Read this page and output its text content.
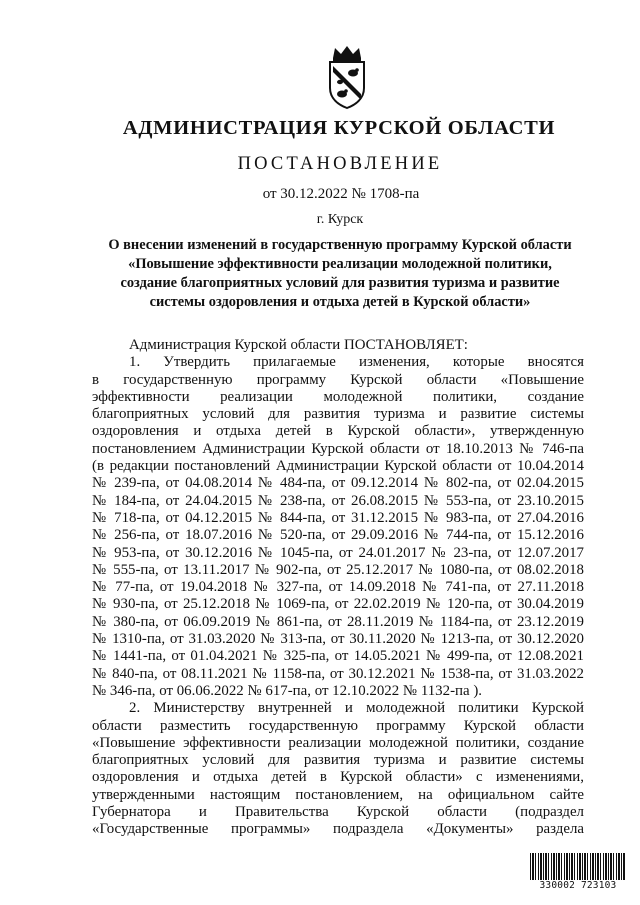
АДМИНИСТРАЦИЯ КУРСКОЙ ОБЛАСТИ
ПОСТАНОВЛЕНИЕ
от 30.12.2022 № 1708-па
г. Курск
О внесении изменений в государственную программу Курской области
«Повышение эффективности реализации молодежной политики,
создание благоприятных условий для развития туризма и развитие
системы оздоровления и отдыха детей в Курской области»
Администрация Курской области ПОСТАНОВЛЯЕТ:
1. Утвердить прилагаемые изменения, которые вносятся
в государственную программу Курской области «Повышение
эффективности реализации молодежной политики, создание
благоприятных условий для развития туризма и развитие системы
оздоровления и отдыха детей в Курской области», утвержденную
постановлением Администрации Курской области от 18.10.2013 № 746-па
(в редакции постановлений Администрации Курской области от 10.04.2014
№ 239-па, от 04.08.2014 № 484-па, от 09.12.2014 № 802-па, от 02.04.2015
№ 184-па, от 24.04.2015 № 238-па, от 26.08.2015 № 553-па, от 23.10.2015
№ 718-па, от 04.12.2015 № 844-па, от 31.12.2015 № 983-па, от 27.04.2016
№ 256-па, от 18.07.2016 № 520-па, от 29.09.2016 № 744-па, от 15.12.2016
№ 953-па, от 30.12.2016 № 1045-па, от 24.01.2017 № 23-па, от 12.07.2017
№ 555-па, от 13.11.2017 № 902-па, от 25.12.2017 № 1080-па, от 08.02.2018
№ 77-па, от 19.04.2018 № 327-па, от 14.09.2018 № 741-па, от 27.11.2018
№ 930-па, от 25.12.2018 № 1069-па, от 22.02.2019 № 120-па, от 30.04.2019
№ 380-па, от 06.09.2019 № 861-па, от 28.11.2019 № 1184-па, от 23.12.2019
№ 1310-па, от 31.03.2020 № 313-па, от 30.11.2020 № 1213-па, от 30.12.2020
№ 1441-па, от 01.04.2021 № 325-па, от 14.05.2021 № 499-па, от 12.08.2021
№ 840-па, от 08.11.2021 № 1158-па, от 30.12.2021 № 1538-па, от 31.03.2022
№ 346-па, от 06.06.2022 № 617-па, от 12.10.2022 № 1132-па ).
2. Министерству внутренней и молодежной политики Курской
области разместить государственную программу Курской области
«Повышение эффективности реализации молодежной политики, создание
благоприятных условий для развития туризма и развитие системы
оздоровления и отдыха детей в Курской области» с изменениями,
утвержденными настоящим постановлением, на официальном сайте
Губернатора и Правительства Курской области (подраздел
«Государственные программы» подраздела «Документы» раздела
330002 723103
